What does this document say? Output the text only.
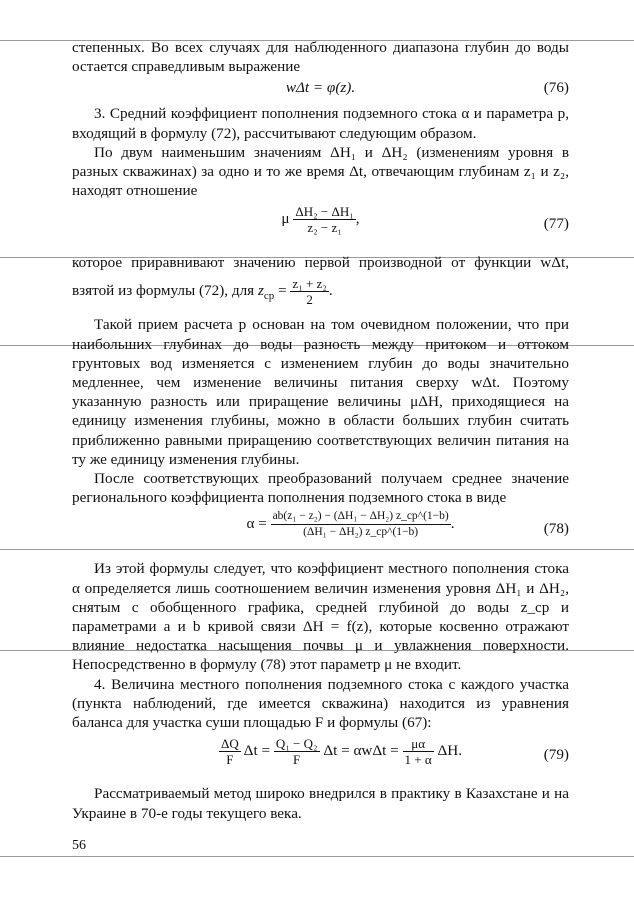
степенных. Во всех случаях для наблюденного диапазона глубин до воды остается справедливым выражение

wΔt = φ(z).	(76)

3. Средний коэффициент пополнения подземного стока α и параметра p, входящий в формулу (72), рассчитывают следующим образом.

По двум наименьшим значениям ΔH₁ и ΔH₂ (изменениям уровня в разных скважинах) за одно и то же время Δt, отвечающим глубинам z₁ и z₂, находят отношение

μ $\frac{\text{ΔH₂ − ΔH₁}}{\text{z₂ − z₁}}$ ,	(77)

которое приравнивают значению первой производной от функции wΔt, взятой из формулы (72), для $z_{ср} = \frac{\text{z₁ + z₂}}{2}$ .

Такой прием расчета p основан на том очевидном положении, что при наибольших глубинах до воды разность между притоком и оттоком грунтовых вод изменяется с изменением глубин до воды значительно медленнее, чем изменение величины питания сверху wΔt. Поэтому указанную разность или приращение величины μΔH, приходящиеся на единицу изменения глубины, можно в области больших глубин считать приближенно равными приращению соответствующих величин питания на ту же единицу изменения глубины.

После соответствующих преобразований получаем среднее значение регионального коэффициента пополнения подземного стока в виде

$\alpha = \frac{\text{ab(z₁ − z₂) − (ΔH₁ − ΔH₂) z\_ср\textasciicircum{}(1−b)}}{\text{(ΔH₁ − ΔH₂) z\_ср\textasciicircum{}(1−b)}}$ .	(78)

Из этой формулы следует, что коэффициент местного пополнения стока α определяется лишь соотношением величин изменения уровня ΔH₁ и ΔH₂, снятым с обобщенного графика, средней глубиной до воды z_ср и параметрами a и b кривой связи ΔH = f(z), которые косвенно отражают влияние недостатка насыщения почвы μ и увлажнения поверхности. Непосредственно в формулу (78) этот параметр μ не входит.

4. Величина местного пополнения подземного стока с каждого участка (пункта наблюдений, где имеется скважина) находится из уравнения баланса для участка суши площадью F и формулы (67):

$\frac{\Delta Q}{F}$ $\Delta t = \frac{\text{Q₁ − Q₂}}{F}$ $\Delta t = \alpha w\Delta t = \frac{\mu\alpha}{1 + \alpha} \Delta H$.	(79)

Рассматриваемый метод широко внедрился в практику в Казахстане и на Украине в 70-е годы текущего века.

56
